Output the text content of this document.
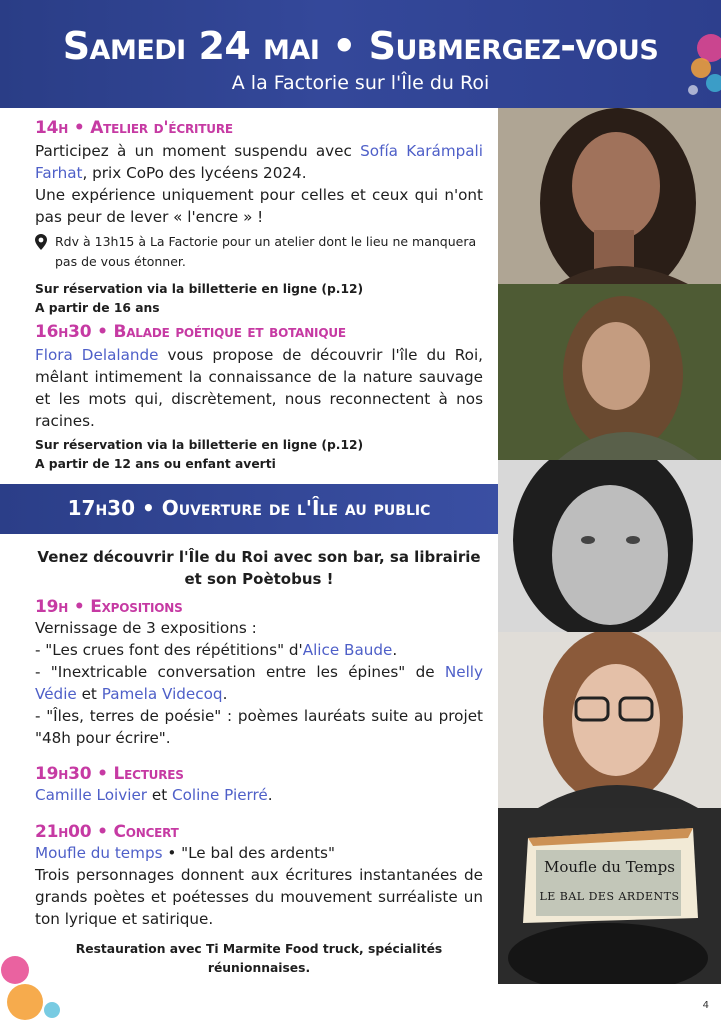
Samedi 24 mai • Submergez-vous
A la Factorie sur l'Île du Roi
Moufle du Temps
LE BAL DES ARDENTS
14h • Atelier d'écriture
Participez à un moment suspendu avec Sofía Karámpali Farhat, prix CoPo des lycéens 2024.
Une expérience uniquement pour celles et ceux qui n'ont pas peur de lever « l'encre » !
Rdv à 13h15 à La Factorie pour un atelier dont le lieu ne manquera pas de vous étonner.
Sur réservation via la billetterie en ligne (p.12)
A partir de 16 ans
16h30 • Balade poétique et botanique
Flora Delalande vous propose de découvrir l'île du Roi, mêlant intimement la connaissance de la nature sauvage et les mots qui, discrètement, nous reconnectent à nos racines.
Sur réservation via la billetterie en ligne (p.12)
A partir de 12 ans ou enfant averti
17h30 • Ouverture de l'Île au public
Venez découvrir l'Île du Roi avec son bar, sa librairie et son Poètobus !
19h • Expositions
Vernissage de 3 expositions :
- "Les crues font des répétitions" d'Alice Baude.
- "Inextricable conversation entre les épines" de Nelly Védie et Pamela Videcoq.
- "Îles, terres de poésie" : poèmes lauréats suite au projet "48h pour écrire".
19h30 • Lectures
Camille Loivier et Coline Pierré.
21h00 • Concert
Moufle du temps • "Le bal des ardents"
Trois personnages donnent aux écritures instantanées de grands poètes et poétesses du mouvement surréaliste un ton lyrique et satirique.
Restauration avec Ti Marmite Food truck, spécialités réunionnaises.
4
